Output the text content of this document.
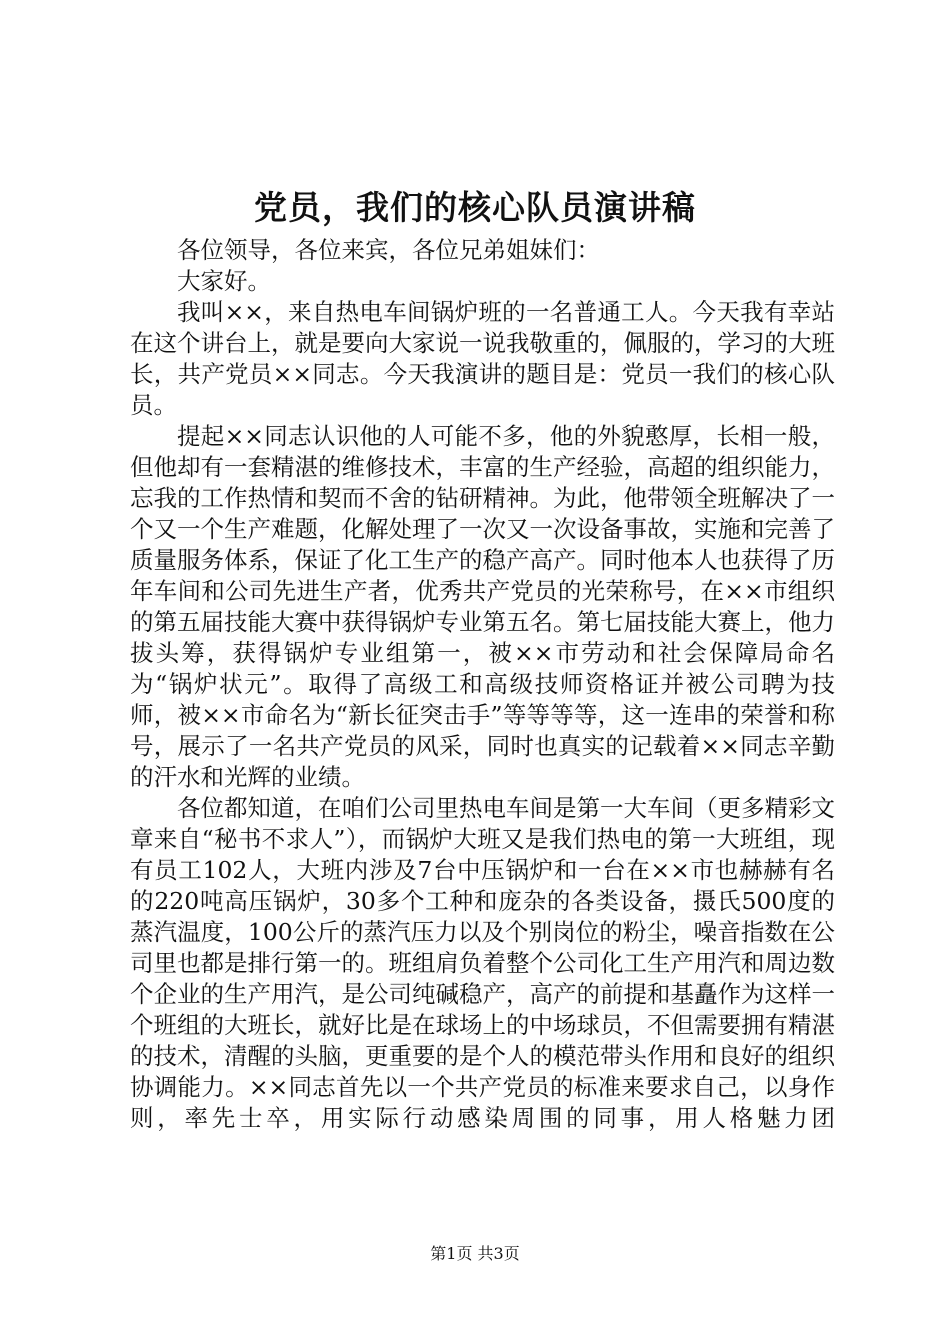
党员，我们的核心队员演讲稿

各位领导，各位来宾，各位兄弟姐妹们：

大家好。

我叫××，来自热电车间锅炉班的一名普通工人。今天我有幸站在这个讲台上，就是要向大家说一说我敬重的，佩服的，学习的大班长，共产党员××同志。今天我演讲的题目是：党员一我们的核心队员。

提起××同志认识他的人可能不多，他的外貌憨厚，长相一般，但他却有一套精湛的维修技术，丰富的生产经验，高超的组织能力，忘我的工作热情和契而不舍的钻研精神。为此，他带领全班解决了一个又一个生产难题，化解处理了一次又一次设备事故，实施和完善了质量服务体系，保证了化工生产的稳产高产。同时他本人也获得了历年车间和公司先进生产者，优秀共产党员的光荣称号，在××市组织的第五届技能大赛中获得锅炉专业第五名。第七届技能大赛上，他力拔头筹，获得锅炉专业组第一，被××市劳动和社会保障局命名为“锅炉状元”。取得了高级工和高级技师资格证并被公司聘为技师，被××市命名为“新长征突击手”等等等等，这一连串的荣誉和称号，展示了一名共产党员的风采，同时也真实的记载着××同志辛勤的汗水和光辉的业绩。

各位都知道，在咱们公司里热电车间是第一大车间（更多精彩文章来自“秘书不求人”），而锅炉大班又是我们热电的第一大班组，现有员工102人，大班内涉及7台中压锅炉和一台在××市也赫赫有名的220吨高压锅炉，30多个工种和庞杂的各类设备，摄氏500度的蒸汽温度，100公斤的蒸汽压力以及个别岗位的粉尘，噪音指数在公司里也都是排行第一的。班组肩负着整个公司化工生产用汽和周边数个企业的生产用汽，是公司纯碱稳产，高产的前提和基矗作为这样一个班组的大班长，就好比是在球场上的中场球员，不但需要拥有精湛的技术，清醒的头脑，更重要的是个人的模范带头作用和良好的组织协调能力。××同志首先以一个共产党员的标准来要求自己，以身作则，率先士卒，用实际行动感染周围的同事，用人格魅力团

第1页 共3页
